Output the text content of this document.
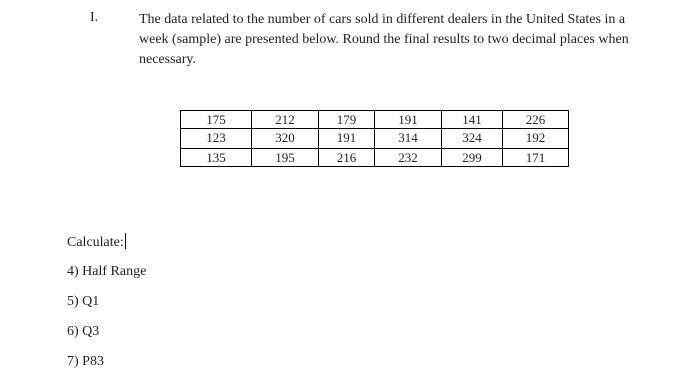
I.	The data related to the number of cars sold in different dealers in the United States in a
week (sample) are presented below. Round the final results to two decimal places when
necessary.
175	212	179	191	141	226
123	320	191	314	324	192

135	195	216	232	299	171
Calculate:
4) Half Range
5) Q1
6) Q3
7) P83
